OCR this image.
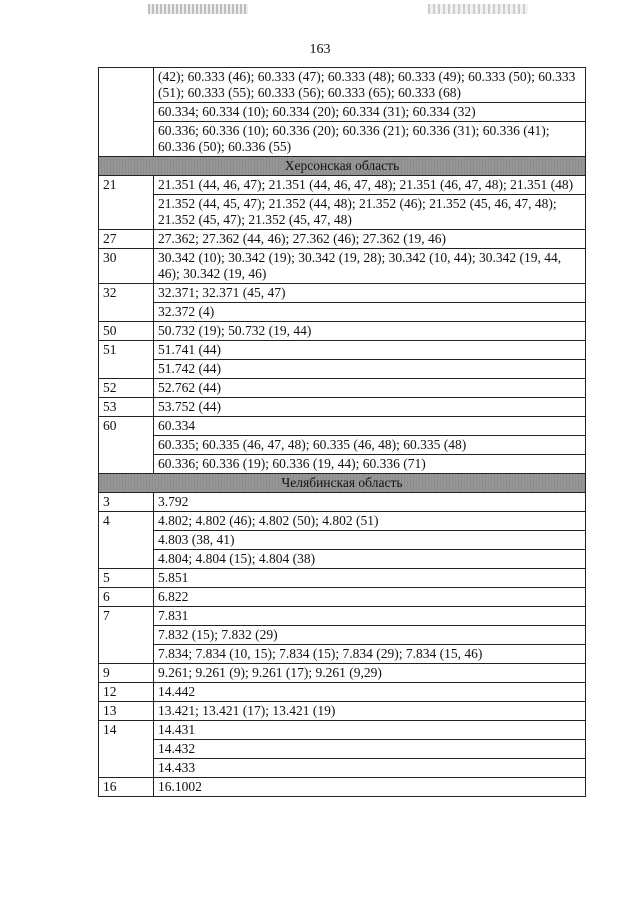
163
	(42); 60.333 (46); 60.333 (47); 60.333 (48); 60.333 (49); 60.333 (50); 60.333 (51); 60.333 (55); 60.333 (56); 60.333 (65); 60.333 (68)
	60.334; 60.334 (10); 60.334 (20); 60.334 (31); 60.334 (32)
	60.336; 60.336 (10); 60.336 (20); 60.336 (21); 60.336 (31); 60.336 (41); 60.336 (50); 60.336 (55)
Херсонская область	
21	21.351 (44, 46, 47); 21.351 (44, 46, 47, 48); 21.351 (46, 47, 48); 21.351 (48)
	21.352 (44, 45, 47); 21.352 (44, 48); 21.352 (46); 21.352 (45, 46, 47, 48); 21.352 (45, 47); 21.352 (45, 47, 48)
27	27.362; 27.362 (44, 46); 27.362 (46); 27.362 (19, 46)
30	30.342 (10); 30.342 (19); 30.342 (19, 28); 30.342 (10, 44); 30.342 (19, 44, 46); 30.342 (19, 46)
32	32.371; 32.371 (45, 47)
	32.372 (4)
50	50.732 (19); 50.732 (19, 44)
51	51.741 (44)
	51.742 (44)
52	52.762 (44)
53	53.752 (44)
60	60.334
	60.335; 60.335 (46, 47, 48); 60.335 (46, 48); 60.335 (48)
	60.336; 60.336 (19); 60.336 (19, 44); 60.336 (71)
Челябинская область	
3	3.792
4	4.802; 4.802 (46); 4.802 (50); 4.802 (51)
	4.803 (38, 41)
	4.804; 4.804 (15); 4.804 (38)
5	5.851
6	6.822
7	7.831
	7.832 (15); 7.832 (29)
	7.834; 7.834 (10, 15); 7.834 (15); 7.834 (29); 7.834 (15, 46)
9	9.261; 9.261 (9); 9.261 (17); 9.261 (9,29)
12	14.442
13	13.421; 13.421 (17); 13.421 (19)
14	14.431
	14.432
	14.433
16	16.1002
